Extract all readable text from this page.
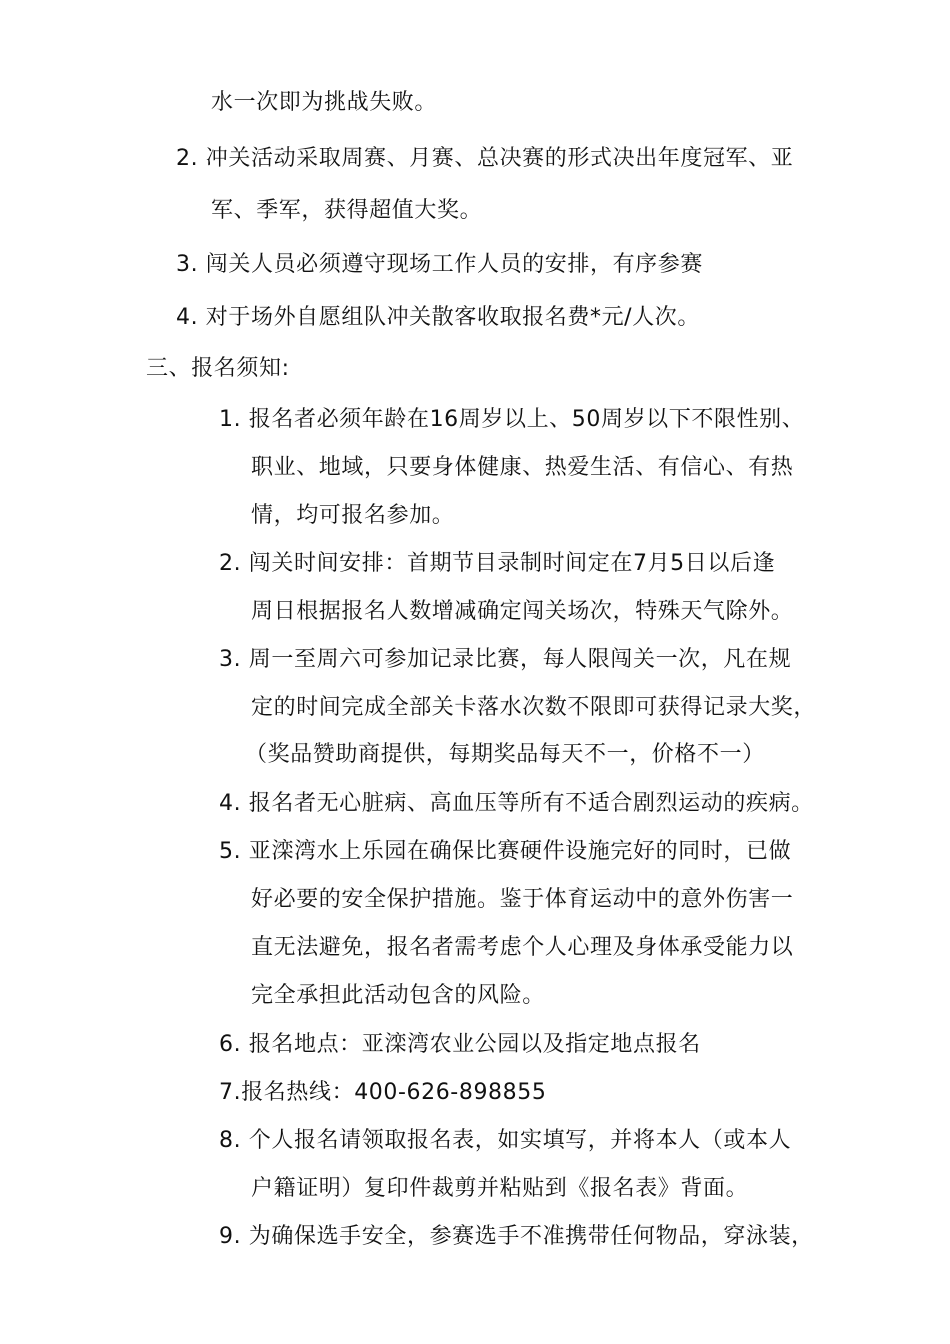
水一次即为挑战失败。
2. 冲关活动采取周赛、月赛、总决赛的形式决出年度冠军、亚
军、季军，获得超值大奖。
3. 闯关人员必须遵守现场工作人员的安排，有序参赛
4. 对于场外自愿组队冲关散客收取报名费*元/人次。
三、报名须知:
1. 报名者必须年龄在16周岁以上、50周岁以下不限性别、
职业、地域，只要身体健康、热爱生活、有信心、有热
情，均可报名参加。
2. 闯关时间安排：首期节目录制时间定在7月5日以后逢
周日根据报名人数增减确定闯关场次，特殊天气除外。
3. 周一至周六可参加记录比赛，每人限闯关一次，凡在规
定的时间完成全部关卡落水次数不限即可获得记录大奖，
（奖品赞助商提供，每期奖品每天不一，价格不一）
4. 报名者无心脏病、高血压等所有不适合剧烈运动的疾病。
5. 亚滦湾水上乐园在确保比赛硬件设施完好的同时，已做
好必要的安全保护措施。鉴于体育运动中的意外伤害一
直无法避免，报名者需考虑个人心理及身体承受能力以
完全承担此活动包含的风险。
6. 报名地点：亚滦湾农业公园以及指定地点报名
7.报名热线：400-626-898855
8. 个人报名请领取报名表，如实填写，并将本人（或本人
户籍证明）复印件裁剪并粘贴到《报名表》背面。
9. 为确保选手安全，参赛选手不准携带任何物品，穿泳装，
